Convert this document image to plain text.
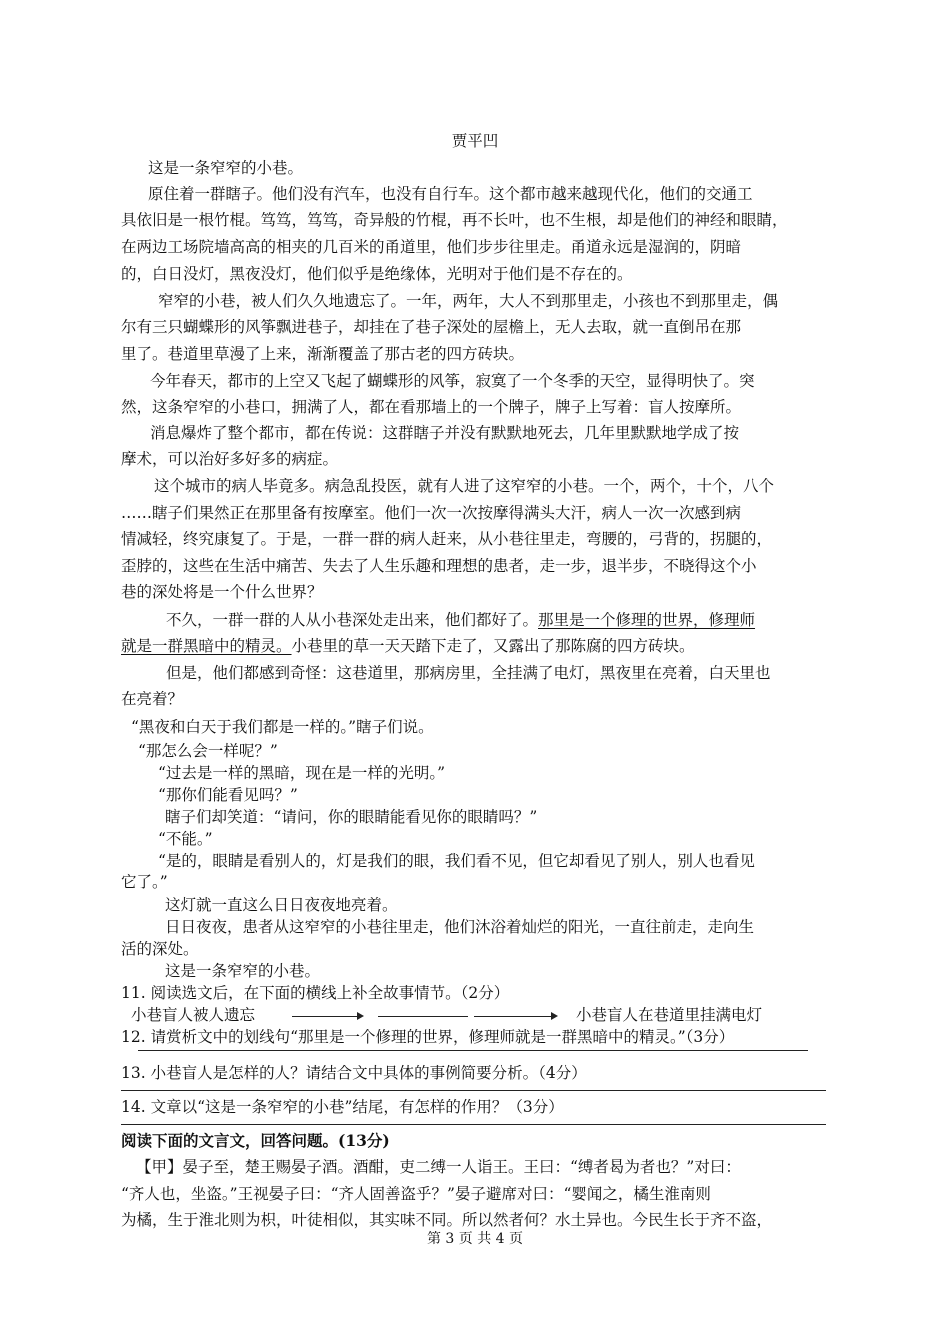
贾平凹
这是一条窄窄的小巷。
原住着一群瞎子。他们没有汽车，也没有自行车。这个都市越来越现代化，他们的交通工
具依旧是一根竹棍。笃笃，笃笃，奇异般的竹棍，再不长叶，也不生根，却是他们的神经和眼睛，
在两边工场院墙高高的相夹的几百米的甬道里，他们步步往里走。甬道永远是湿润的，阴暗
的，白日没灯，黑夜没灯，他们似乎是绝缘体，光明对于他们是不存在的。
窄窄的小巷，被人们久久地遗忘了。一年，两年，大人不到那里走，小孩也不到那里走，偶
尔有三只蝴蝶形的风筝飘进巷子，却挂在了巷子深处的屋檐上，无人去取，就一直倒吊在那
里了。巷道里草漫了上来，渐渐覆盖了那古老的四方砖块。
今年春天，都市的上空又飞起了蝴蝶形的风筝，寂寞了一个冬季的天空，显得明快了。突
然，这条窄窄的小巷口，拥满了人，都在看那墙上的一个牌子，牌子上写着：盲人按摩所。
消息爆炸了整个都市，都在传说：这群瞎子并没有默默地死去，几年里默默地学成了按
摩术，可以治好多好多的病症。
这个城市的病人毕竟多。病急乱投医，就有人进了这窄窄的小巷。一个，两个，十个，八个
……瞎子们果然正在那里备有按摩室。他们一次一次按摩得满头大汗，病人一次一次感到病
情减轻，终究康复了。于是，一群一群的病人赶来，从小巷往里走，弯腰的，弓背的，拐腿的，
歪脖的，这些在生活中痛苦、失去了人生乐趣和理想的患者，走一步，退半步，不晓得这个小
巷的深处将是一个什么世界？
不久，一群一群的人从小巷深处走出来，他们都好了。那里是一个修理的世界，修理师
就是一群黑暗中的精灵。小巷里的草一天天踏下走了，又露出了那陈腐的四方砖块。
但是，他们都感到奇怪：这巷道里，那病房里，全挂满了电灯，黑夜里在亮着，白天里也
在亮着？
“黑夜和白天于我们都是一样的。”瞎子们说。
“那怎么会一样呢？”
“过去是一样的黑暗，现在是一样的光明。”
“那你们能看见吗？”
瞎子们却笑道：“请问，你的眼睛能看见你的眼睛吗？”
“不能。”
“是的，眼睛是看别人的，灯是我们的眼，我们看不见，但它却看见了别人，别人也看见
它了。”
这灯就一直这么日日夜夜地亮着。
日日夜夜，患者从这窄窄的小巷往里走，他们沐浴着灿烂的阳光，一直往前走，走向生
活的深处。
这是一条窄窄的小巷。
11. 阅读选文后，在下面的横线上补全故事情节。（2分）
小巷盲人被人遗忘	小巷盲人在巷道里挂满电灯
12. 请赏析文中的划线句“那里是一个修理的世界，修理师就是一群黑暗中的精灵。”（3分）
13. 小巷盲人是怎样的人？请结合文中具体的事例简要分析。（4分）
14. 文章以“这是一条窄窄的小巷”结尾，有怎样的作用？（3分）
阅读下面的文言文，回答问题。(13分)
【甲】晏子至，楚王赐晏子酒。酒酣，吏二缚一人诣王。王曰：“缚者曷为者也？”对曰：
“齐人也，坐盗。”王视晏子曰：“齐人固善盗乎？”晏子避席对曰：“婴闻之，橘生淮南则
为橘，生于淮北则为枳，叶徒相似，其实味不同。所以然者何？水土异也。今民生长于齐不盗，
第 3 页 共 4 页
